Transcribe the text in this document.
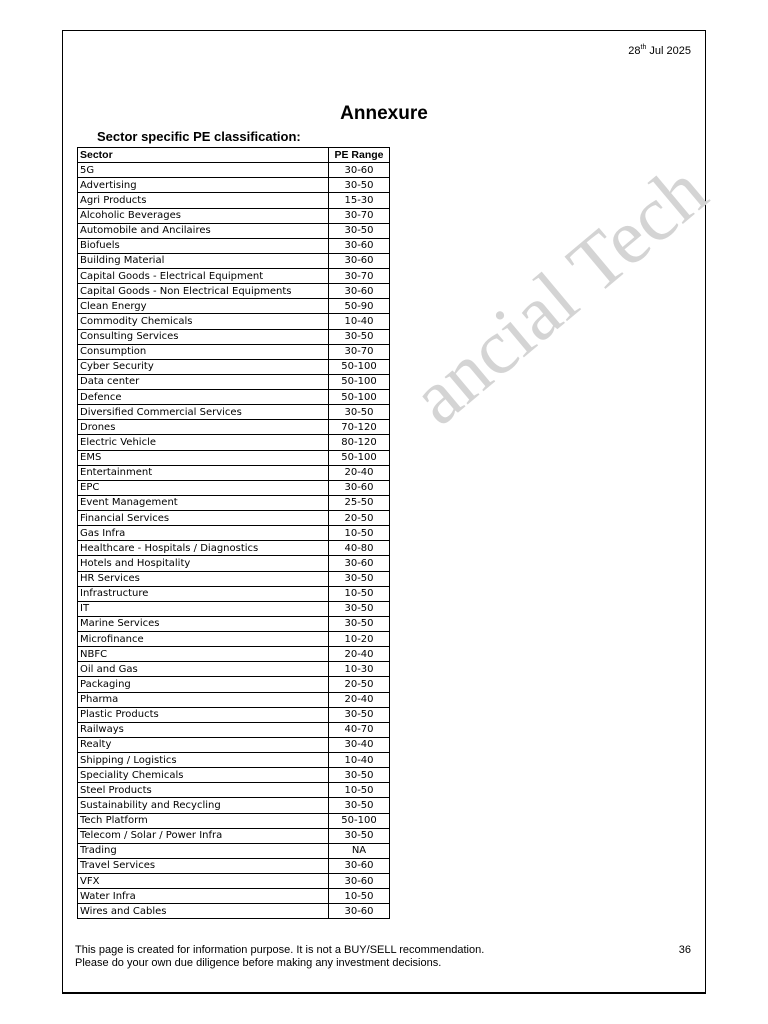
ancial Tech
28th Jul 2025
Annexure
Sector specific PE classification:
Sector	PE Range
5G	30-60
Advertising	30-50
Agri Products	15-30
Alcoholic Beverages	30-70
Automobile and Ancilaires	30-50
Biofuels	30-60
Building Material	30-60
Capital Goods - Electrical Equipment	30-70
Capital Goods - Non Electrical Equipments	30-60
Clean Energy	50-90
Commodity Chemicals	10-40
Consulting Services	30-50
Consumption	30-70
Cyber Security	50-100
Data center	50-100
Defence	50-100
Diversified Commercial Services	30-50
Drones	70-120
Electric Vehicle	80-120
EMS	50-100
Entertainment	20-40
EPC	30-60
Event Management	25-50
Financial Services	20-50
Gas Infra	10-50
Healthcare - Hospitals / Diagnostics	40-80
Hotels and Hospitality	30-60
HR Services	30-50
Infrastructure	10-50
IT	30-50
Marine Services	30-50
Microfinance	10-20
NBFC	20-40
Oil and Gas	10-30
Packaging	20-50
Pharma	20-40
Plastic Products	30-50
Railways	40-70
Realty	30-40
Shipping / Logistics	10-40
Speciality Chemicals	30-50
Steel Products	10-50
Sustainability and Recycling	30-50
Tech Platform	50-100
Telecom / Solar / Power Infra	30-50
Trading	NA
Travel Services	30-60
VFX	30-60
Water Infra	10-50
Wires and Cables	30-60
This page is created for information purpose. It is not a BUY/SELL recommendation.
Please do your own due diligence before making any investment decisions.
36
